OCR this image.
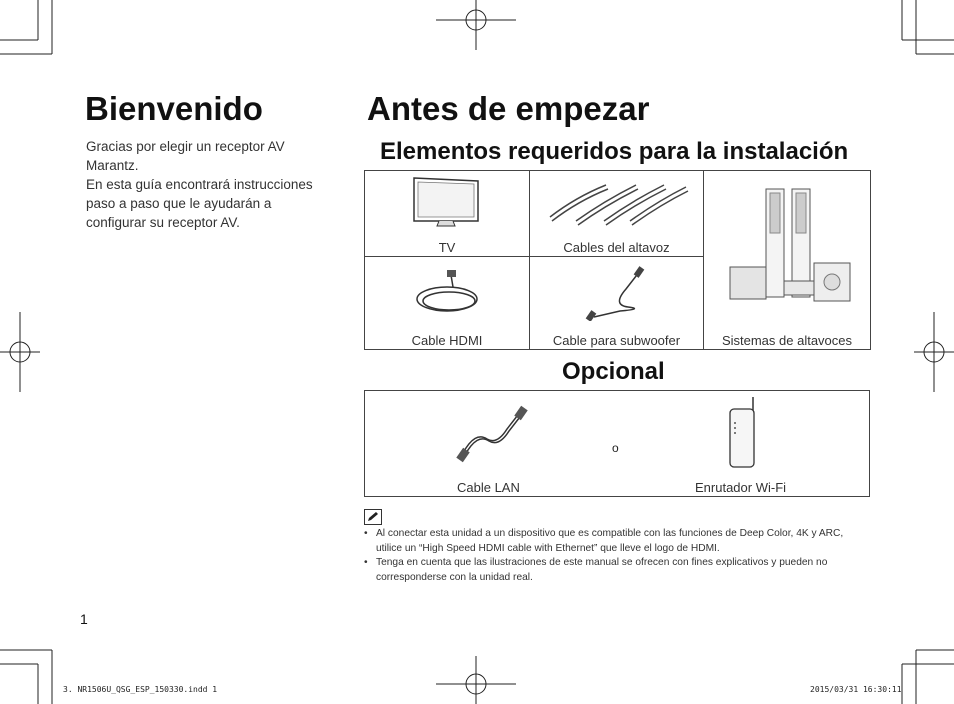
Bienvenido
Gracias por elegir un receptor AV
Marantz.
En esta guía encontrará instrucciones
paso a paso que le ayudarán a
configurar su receptor AV.
1
Antes de empezar
Elementos requeridos para la instalación
TV	Cables del altavoz	Sistemas de altavoces

Cable HDMI	Cable para subwoofer	
Opcional
o
Cable LAN	Enrutador Wi-Fi
• Al conectar esta unidad a un dispositivo que es compatible con las funciones de Deep Color, 4K y ARC, utilice un “High Speed HDMI cable with Ethernet” que lleve el logo de HDMI.
• Tenga en cuenta que las ilustraciones de este manual se ofrecen con fines explicativos y pueden no corresponderse con la unidad real.
3. NR1506U_QSG_ESP_150330.indd 1	2015/03/31 16:30:11
